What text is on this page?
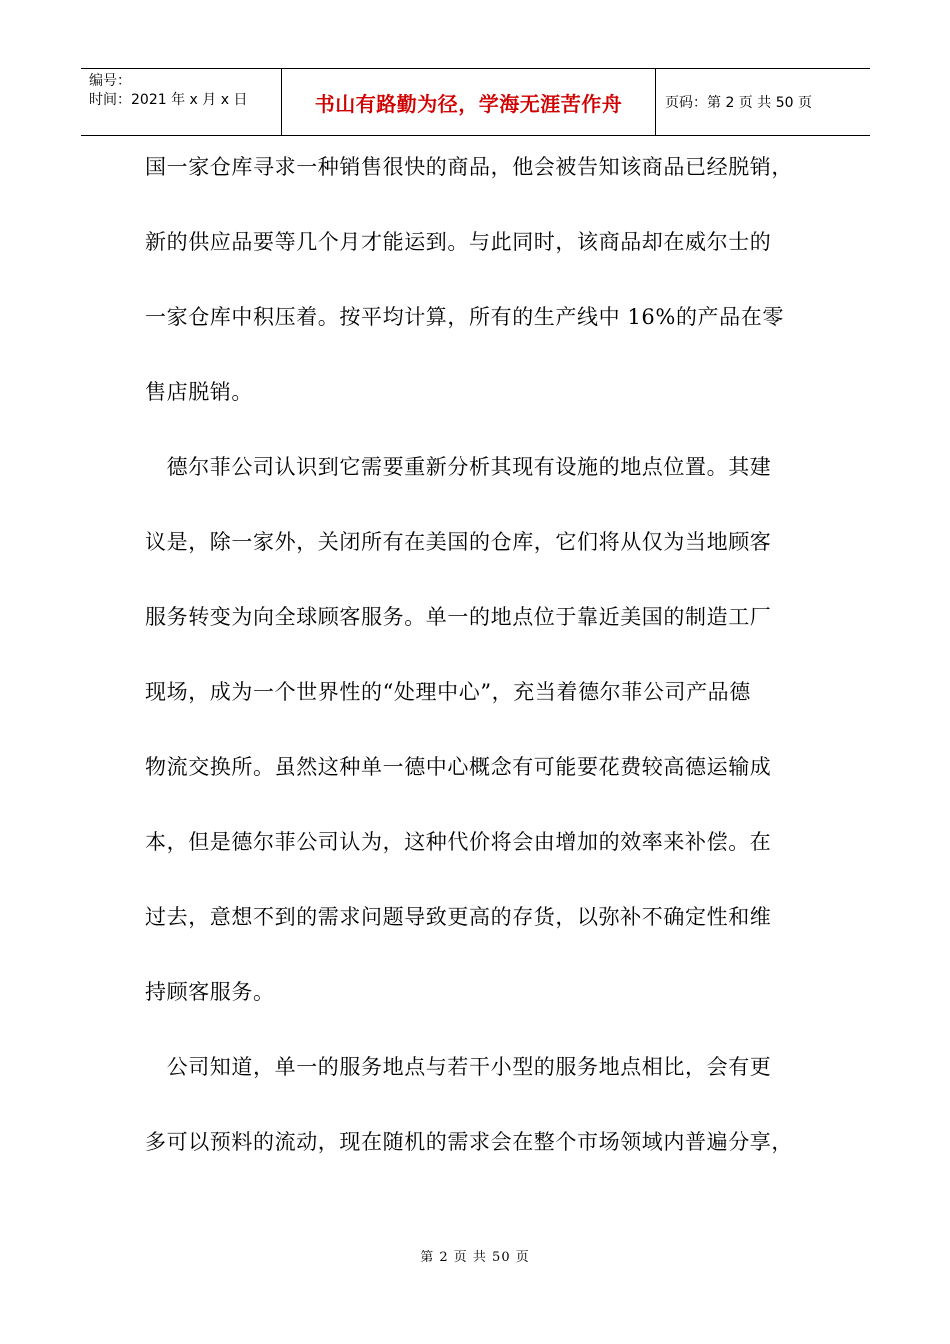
编号：
时间：2021 年 x 月 x 日	书山有路勤为径，学海无涯苦作舟	页码：第 2 页 共 50 页
国一家仓库寻求一种销售很快的商品，他会被告知该商品已经脱销，
新的供应品要等几个月才能运到。与此同时，该商品却在威尔士的
一家仓库中积压着。按平均计算，所有的生产线中 16%的产品在零
售店脱销。
　德尔菲公司认识到它需要重新分析其现有设施的地点位置。其建
议是，除一家外，关闭所有在美国的仓库，它们将从仅为当地顾客
服务转变为向全球顾客服务。单一的地点位于靠近美国的制造工厂
现场，成为一个世界性的“处理中心”，充当着德尔菲公司产品德
物流交换所。虽然这种单一德中心概念有可能要花费较高德运输成
本，但是德尔菲公司认为，这种代价将会由增加的效率来补偿。在
过去，意想不到的需求问题导致更高的存货，以弥补不确定性和维
持顾客服务。
　公司知道，单一的服务地点与若干小型的服务地点相比，会有更
多可以预料的流动，现在随机的需求会在整个市场领域内普遍分享，
第 2 页 共 50 页
